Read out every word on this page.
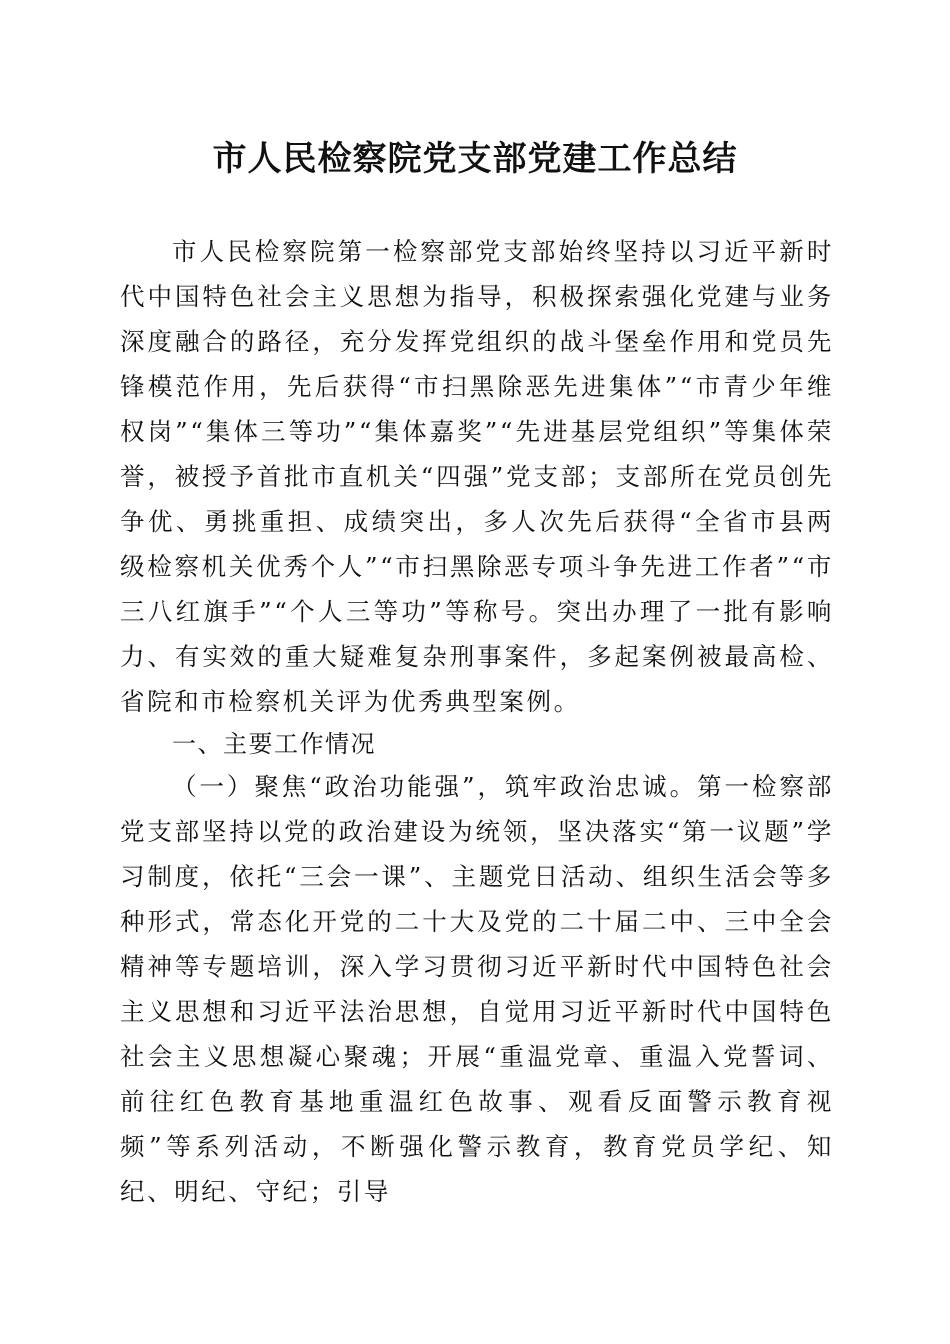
市人民检察院党支部党建工作总结
市人民检察院第一检察部党支部始终坚持以习近平新时代中国特色社会主义思想为指导，积极探索强化党建与业务深度融合的路径，充分发挥党组织的战斗堡垒作用和党员先锋模范作用，先后获得“市扫黑除恶先进集体”“市青少年维权岗”“集体三等功”“集体嘉奖”“先进基层党组织”等集体荣誉，被授予首批市直机关“四强”党支部；支部所在党员创先争优、勇挑重担、成绩突出，多人次先后获得“全省市县两级检察机关优秀个人”“市扫黑除恶专项斗争先进工作者”“市三八红旗手”“个人三等功”等称号。突出办理了一批有影响力、有实效的重大疑难复杂刑事案件，多起案例被最高检、省院和市检察机关评为优秀典型案例。
一、主要工作情况
（一）聚焦“政治功能强”，筑牢政治忠诚。第一检察部党支部坚持以党的政治建设为统领，坚决落实“第一议题”学习制度，依托“三会一课”、主题党日活动、组织生活会等多种形式，常态化开党的二十大及党的二十届二中、三中全会精神等专题培训，深入学习贯彻习近平新时代中国特色社会主义思想和习近平法治思想，自觉用习近平新时代中国特色社会主义思想凝心聚魂；开展“重温党章、重温入党誓词、前往红色教育基地重温红色故事、观看反面警示教育视频”等系列活动，不断强化警示教育，教育党员学纪、知纪、明纪、守纪；引导
